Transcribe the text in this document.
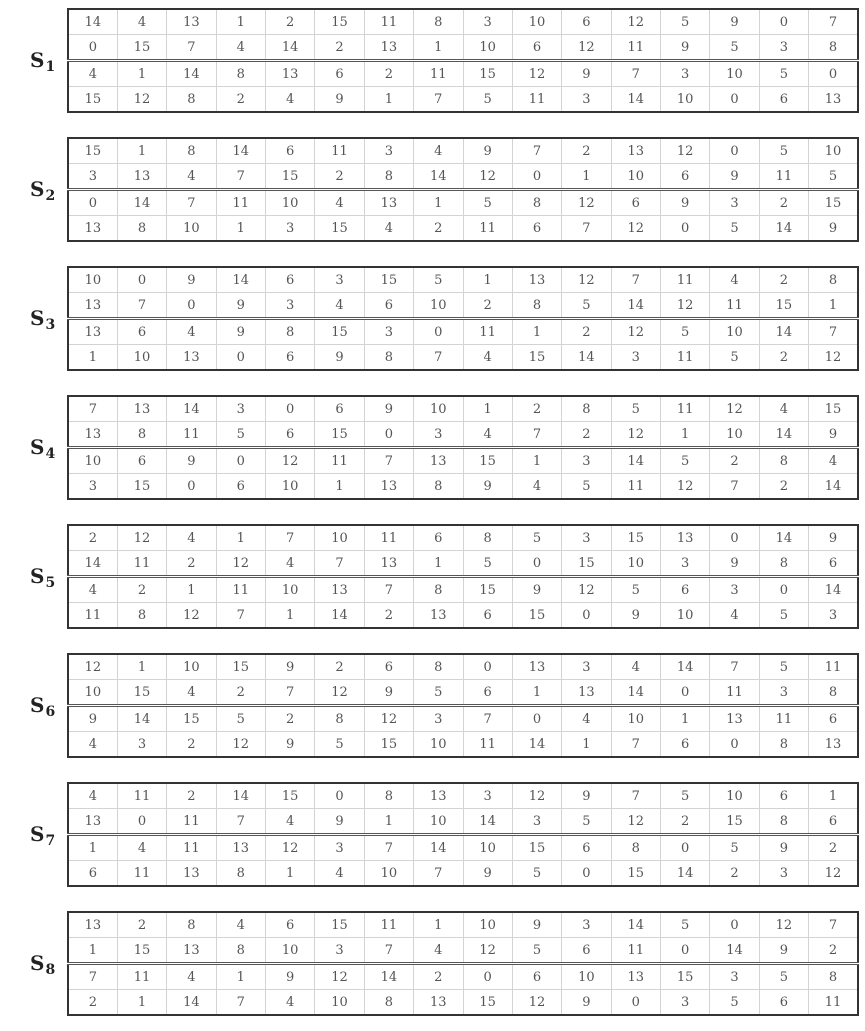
$S_1$
14	4	13	1	2	15	11	8	3	10	6	12	5	9	0	7
0	15	7	4	14	2	13	1	10	6	12	11	9	5	3	8
4	1	14	8	13	6	2	11	15	12	9	7	3	10	5	0
15	12	8	2	4	9	1	7	5	11	3	14	10	0	6	13
$S_2$
15	1	8	14	6	11	3	4	9	7	2	13	12	0	5	10
3	13	4	7	15	2	8	14	12	0	1	10	6	9	11	5
0	14	7	11	10	4	13	1	5	8	12	6	9	3	2	15
13	8	10	1	3	15	4	2	11	6	7	12	0	5	14	9
$S_3$
10	0	9	14	6	3	15	5	1	13	12	7	11	4	2	8
13	7	0	9	3	4	6	10	2	8	5	14	12	11	15	1
13	6	4	9	8	15	3	0	11	1	2	12	5	10	14	7
1	10	13	0	6	9	8	7	4	15	14	3	11	5	2	12
$S_4$
7	13	14	3	0	6	9	10	1	2	8	5	11	12	4	15
13	8	11	5	6	15	0	3	4	7	2	12	1	10	14	9
10	6	9	0	12	11	7	13	15	1	3	14	5	2	8	4
3	15	0	6	10	1	13	8	9	4	5	11	12	7	2	14
$S_5$
2	12	4	1	7	10	11	6	8	5	3	15	13	0	14	9
14	11	2	12	4	7	13	1	5	0	15	10	3	9	8	6
4	2	1	11	10	13	7	8	15	9	12	5	6	3	0	14
11	8	12	7	1	14	2	13	6	15	0	9	10	4	5	3
$S_6$
12	1	10	15	9	2	6	8	0	13	3	4	14	7	5	11
10	15	4	2	7	12	9	5	6	1	13	14	0	11	3	8
9	14	15	5	2	8	12	3	7	0	4	10	1	13	11	6
4	3	2	12	9	5	15	10	11	14	1	7	6	0	8	13
$S_7$
4	11	2	14	15	0	8	13	3	12	9	7	5	10	6	1
13	0	11	7	4	9	1	10	14	3	5	12	2	15	8	6
1	4	11	13	12	3	7	14	10	15	6	8	0	5	9	2
6	11	13	8	1	4	10	7	9	5	0	15	14	2	3	12
$S_8$
13	2	8	4	6	15	11	1	10	9	3	14	5	0	12	7
1	15	13	8	10	3	7	4	12	5	6	11	0	14	9	2
7	11	4	1	9	12	14	2	0	6	10	13	15	3	5	8
2	1	14	7	4	10	8	13	15	12	9	0	3	5	6	11
